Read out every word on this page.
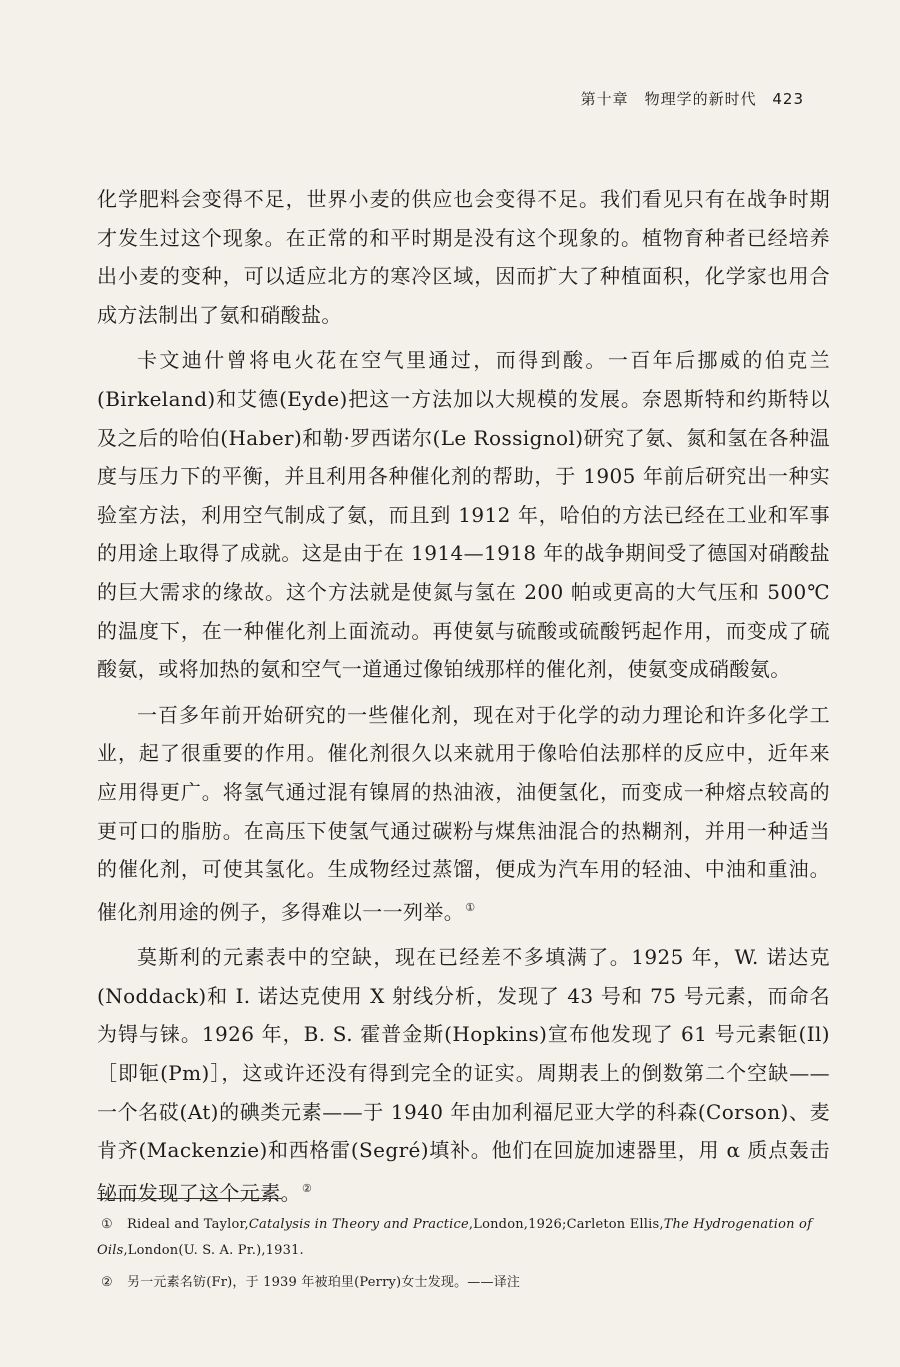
第十章　物理学的新时代 423

化学肥料会变得不足，世界小麦的供应也会变得不足。我们看见只有在战争时期才发生过这个现象。在正常的和平时期是没有这个现象的。植物育种者已经培养出小麦的变种，可以适应北方的寒冷区域，因而扩大了种植面积，化学家也用合成方法制出了氨和硝酸盐。

卡文迪什曾将电火花在空气里通过，而得到酸。一百年后挪威的伯克兰(Birkeland)和艾德(Eyde)把这一方法加以大规模的发展。奈恩斯特和约斯特以及之后的哈伯(Haber)和勒·罗西诺尔(Le Rossignol)研究了氨、氮和氢在各种温度与压力下的平衡，并且利用各种催化剂的帮助，于 1905 年前后研究出一种实验室方法，利用空气制成了氨，而且到 1912 年，哈伯的方法已经在工业和军事的用途上取得了成就。这是由于在 1914—1918 年的战争期间受了德国对硝酸盐的巨大需求的缘故。这个方法就是使氮与氢在 200 帕或更高的大气压和 500℃ 的温度下，在一种催化剂上面流动。再使氨与硫酸或硫酸钙起作用，而变成了硫酸氨，或将加热的氨和空气一道通过像铂绒那样的催化剂，使氨变成硝酸氨。

一百多年前开始研究的一些催化剂，现在对于化学的动力理论和许多化学工业，起了很重要的作用。催化剂很久以来就用于像哈伯法那样的反应中，近年来应用得更广。将氢气通过混有镍屑的热油液，油便氢化，而变成一种熔点较高的更可口的脂肪。在高压下使氢气通过碳粉与煤焦油混合的热糊剂，并用一种适当的催化剂，可使其氢化。生成物经过蒸馏，便成为汽车用的轻油、中油和重油。催化剂用途的例子，多得难以一一列举。①

莫斯利的元素表中的空缺，现在已经差不多填满了。1925 年，W. 诺达克(Noddack)和 I. 诺达克使用 X 射线分析，发现了 43 号和 75 号元素，而命名为锝与铼。1926 年，B. S. 霍普金斯(Hopkins)宣布他发现了 61 号元素钷(Il)［即钷(Pm)］，这或许还没有得到完全的证实。周期表上的倒数第二个空缺——一个名砹(At)的碘类元素——于 1940 年由加利福尼亚大学的科森(Corson)、麦肯齐(Mackenzie)和西格雷(Segré)填补。他们在回旋加速器里，用 α 质点轰击铋而发现了这个元素。②

① Rideal and Taylor,Catalysis in Theory and Practice,London,1926;Carleton Ellis,The Hydrogenation of Oils,London(U. S. A. Pr.),1931.

② 另一元素名钫(Fr)，于 1939 年被珀里(Perry)女士发现。——译注
